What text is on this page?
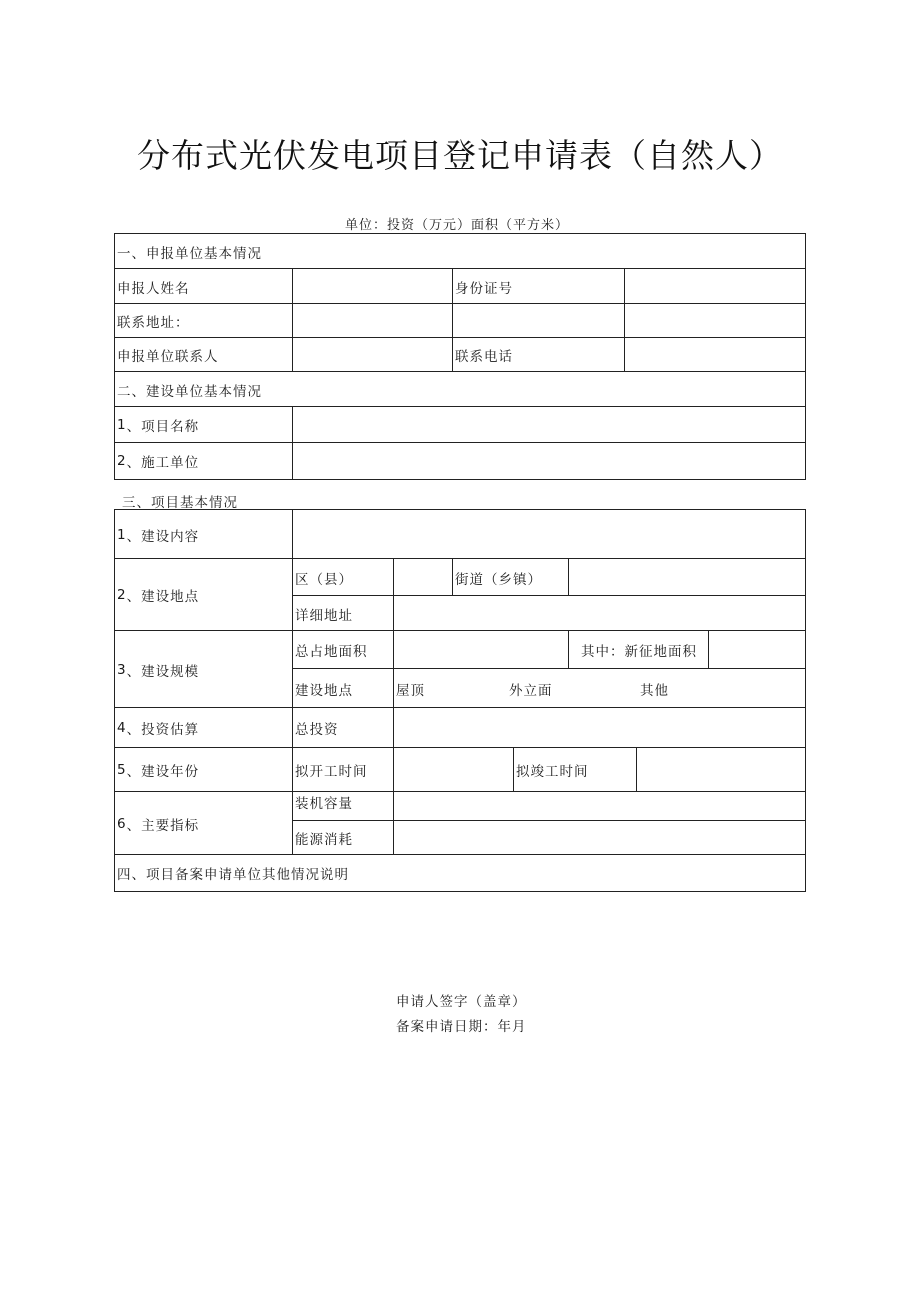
分布式光伏发电项目登记申请表（自然人）
单位：投资（万元）面积（平方米）
一、申报单位基本情况
申报人姓名	身份证号
联系地址：
申报单位联系人	联系电话
二、建设单位基本情况
1 、项目名称
2 、施工单位
三、项目基本情况
1 、建设内容
2 、建设地点
区（县）	街道（乡镇）
详细地址
3 、建设规模
总占地面积	其中：新征地面积
建设地点	屋顶	外立面	其他
4 、投资估算	总投资
5 、建设年份	拟开工时间	拟竣工时间
6 、主要指标
装机容量
能源消耗
四、项目备案申请单位其他情况说明
申请人签字（盖章）
备案申请日期：年月
